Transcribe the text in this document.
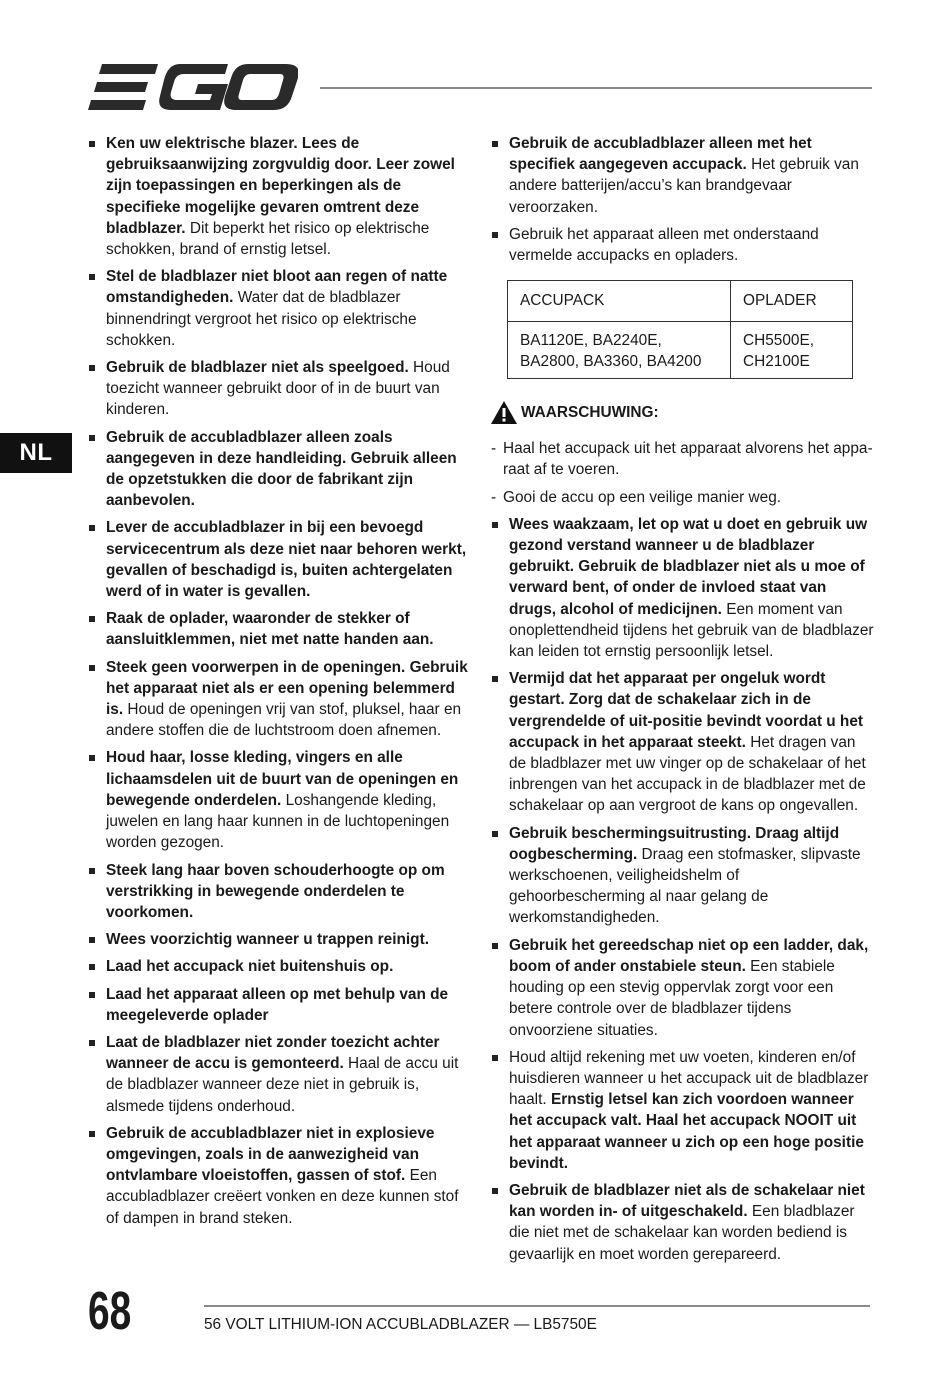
NL
Ken uw elektrische blazer. Lees de gebruiksaanwijzing zorgvuldig door. Leer zowel zijn toepassingen en beperkingen als de specifieke mogelijke gevaren omtrent deze bladblazer. Dit beperkt het risico op elektrische schokken, brand of ernstig letsel.
Stel de bladblazer niet bloot aan regen of natte omstandigheden. Water dat de bladblazer binnendringt vergroot het risico op elektrische schokken.
Gebruik de bladblazer niet als speelgoed. Houd toezicht wanneer gebruikt door of in de buurt van kinderen.
Gebruik de accubladblazer alleen zoals aangegeven in deze handleiding. Gebruik alleen de opzetstukken die door de fabrikant zijn aanbevolen.
Lever de accubladblazer in bij een bevoegd servicecentrum als deze niet naar behoren werkt, gevallen of beschadigd is, buiten achtergelaten werd of in water is gevallen.
Raak de oplader, waaronder de stekker of aansluitklemmen, niet met natte handen aan.
Steek geen voorwerpen in de openingen. Gebruik het apparaat niet als er een opening belemmerd is. Houd de openingen vrij van stof, pluksel, haar en andere stoffen die de luchtstroom doen afnemen.
Houd haar, losse kleding, vingers en alle lichaamsdelen uit de buurt van de openingen en bewegende onderdelen. Loshangende kleding, juwelen en lang haar kunnen in de luchtopeningen worden gezogen.
Steek lang haar boven schouderhoogte op om verstrikking in bewegende onderdelen te voorkomen.
Wees voorzichtig wanneer u trappen reinigt.
Laad het accupack niet buitenshuis op.
Laad het apparaat alleen op met behulp van de meegeleverde oplader
Laat de bladblazer niet zonder toezicht achter wanneer de accu is gemonteerd. Haal de accu uit de bladblazer wanneer deze niet in gebruik is, alsmede tijdens onderhoud.
Gebruik de accubladblazer niet in explosieve omgevingen, zoals in de aanwezigheid van ontvlambare vloeistoffen, gassen of stof. Een accubladblazer creëert vonken en deze kunnen stof of dampen in brand steken.
Gebruik de accubladblazer alleen met het specifiek aangegeven accupack. Het gebruik van andere batterijen/accu’s kan brandgevaar veroorzaken.
Gebruik het apparaat alleen met onderstaand vermelde accupacks en opladers.
ACCUPACK	OPLADER
BA1120E, BA2240E, BA2800, BA3360, BA4200	CH5500E, CH2100E
WAARSCHUWING:
- Haal het accupack uit het apparaat alvorens het appa-raat af te voeren.
- Gooi de accu op een veilige manier weg.
Wees waakzaam, let op wat u doet en gebruik uw gezond verstand wanneer u de bladblazer gebruikt. Gebruik de bladblazer niet als u moe of verward bent, of onder de invloed staat van drugs, alcohol of medicijnen. Een moment van onoplettendheid tijdens het gebruik van de bladblazer kan leiden tot ernstig persoonlijk letsel.
Vermijd dat het apparaat per ongeluk wordt gestart. Zorg dat de schakelaar zich in de vergrendelde of uit-positie bevindt voordat u het accupack in het apparaat steekt. Het dragen van de bladblazer met uw vinger op de schakelaar of het inbrengen van het accupack in de bladblazer met de schakelaar op aan vergroot de kans op ongevallen.
Gebruik beschermingsuitrusting. Draag altijd oogbescherming. Draag een stofmasker, slipvaste werkschoenen, veiligheidshelm of gehoorbescherming al naar gelang de werkomstandigheden.
Gebruik het gereedschap niet op een ladder, dak, boom of ander onstabiele steun. Een stabiele houding op een stevig oppervlak zorgt voor een betere controle over de bladblazer tijdens onvoorziene situaties.
Houd altijd rekening met uw voeten, kinderen en/of huisdieren wanneer u het accupack uit de bladblazer haalt. Ernstig letsel kan zich voordoen wanneer het accupack valt. Haal het accupack NOOIT uit het apparaat wanneer u zich op een hoge positie bevindt.
Gebruik de bladblazer niet als de schakelaar niet kan worden in- of uitgeschakeld. Een bladblazer die niet met de schakelaar kan worden bediend is gevaarlijk en moet worden gerepareerd.
68	56 VOLT LITHIUM-ION ACCUBLADBLAZER — LB5750E
